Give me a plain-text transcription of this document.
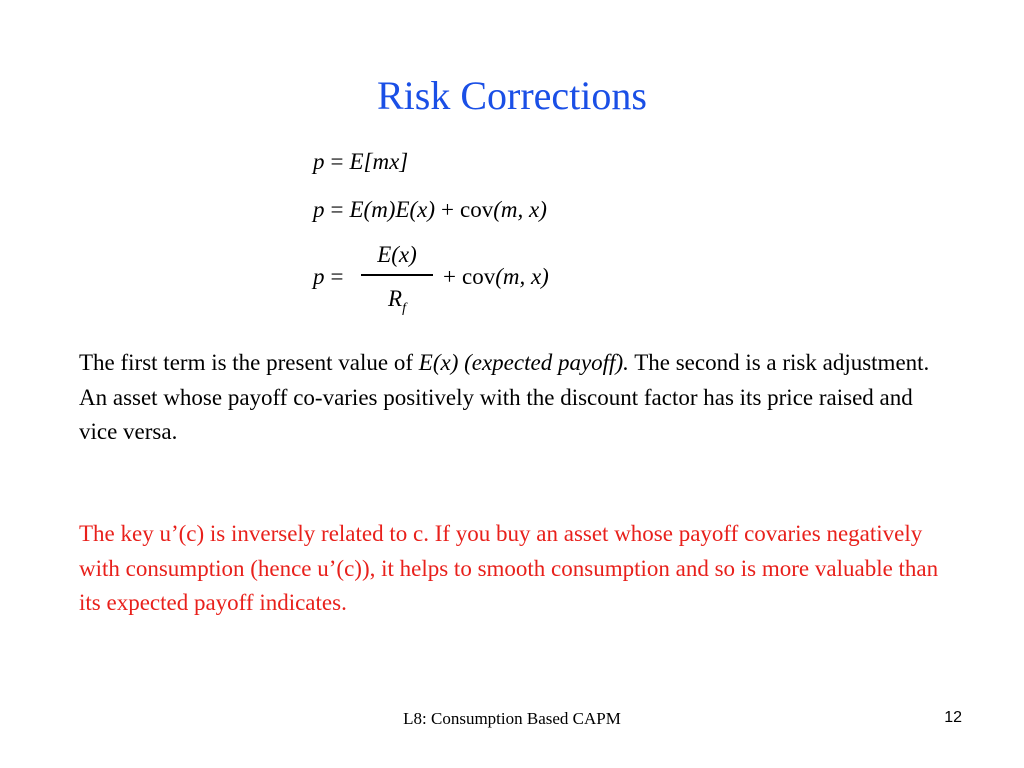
Risk Corrections
p = E[mx]
p = E(m)E(x) + cov(m, x)
p =
E(x)
$R_f$
+ cov(m, x)
The first term is the present value of E(x) (expected payoff). The second is a risk adjustment. An asset whose payoff co-varies positively with the discount factor has its price raised and vice versa.
The key u’(c) is inversely related to c. If you buy an asset whose payoff covaries negatively with consumption (hence u’(c)), it helps to smooth consumption and so is more valuable than its expected payoff indicates.
L8: Consumption Based CAPM	12
